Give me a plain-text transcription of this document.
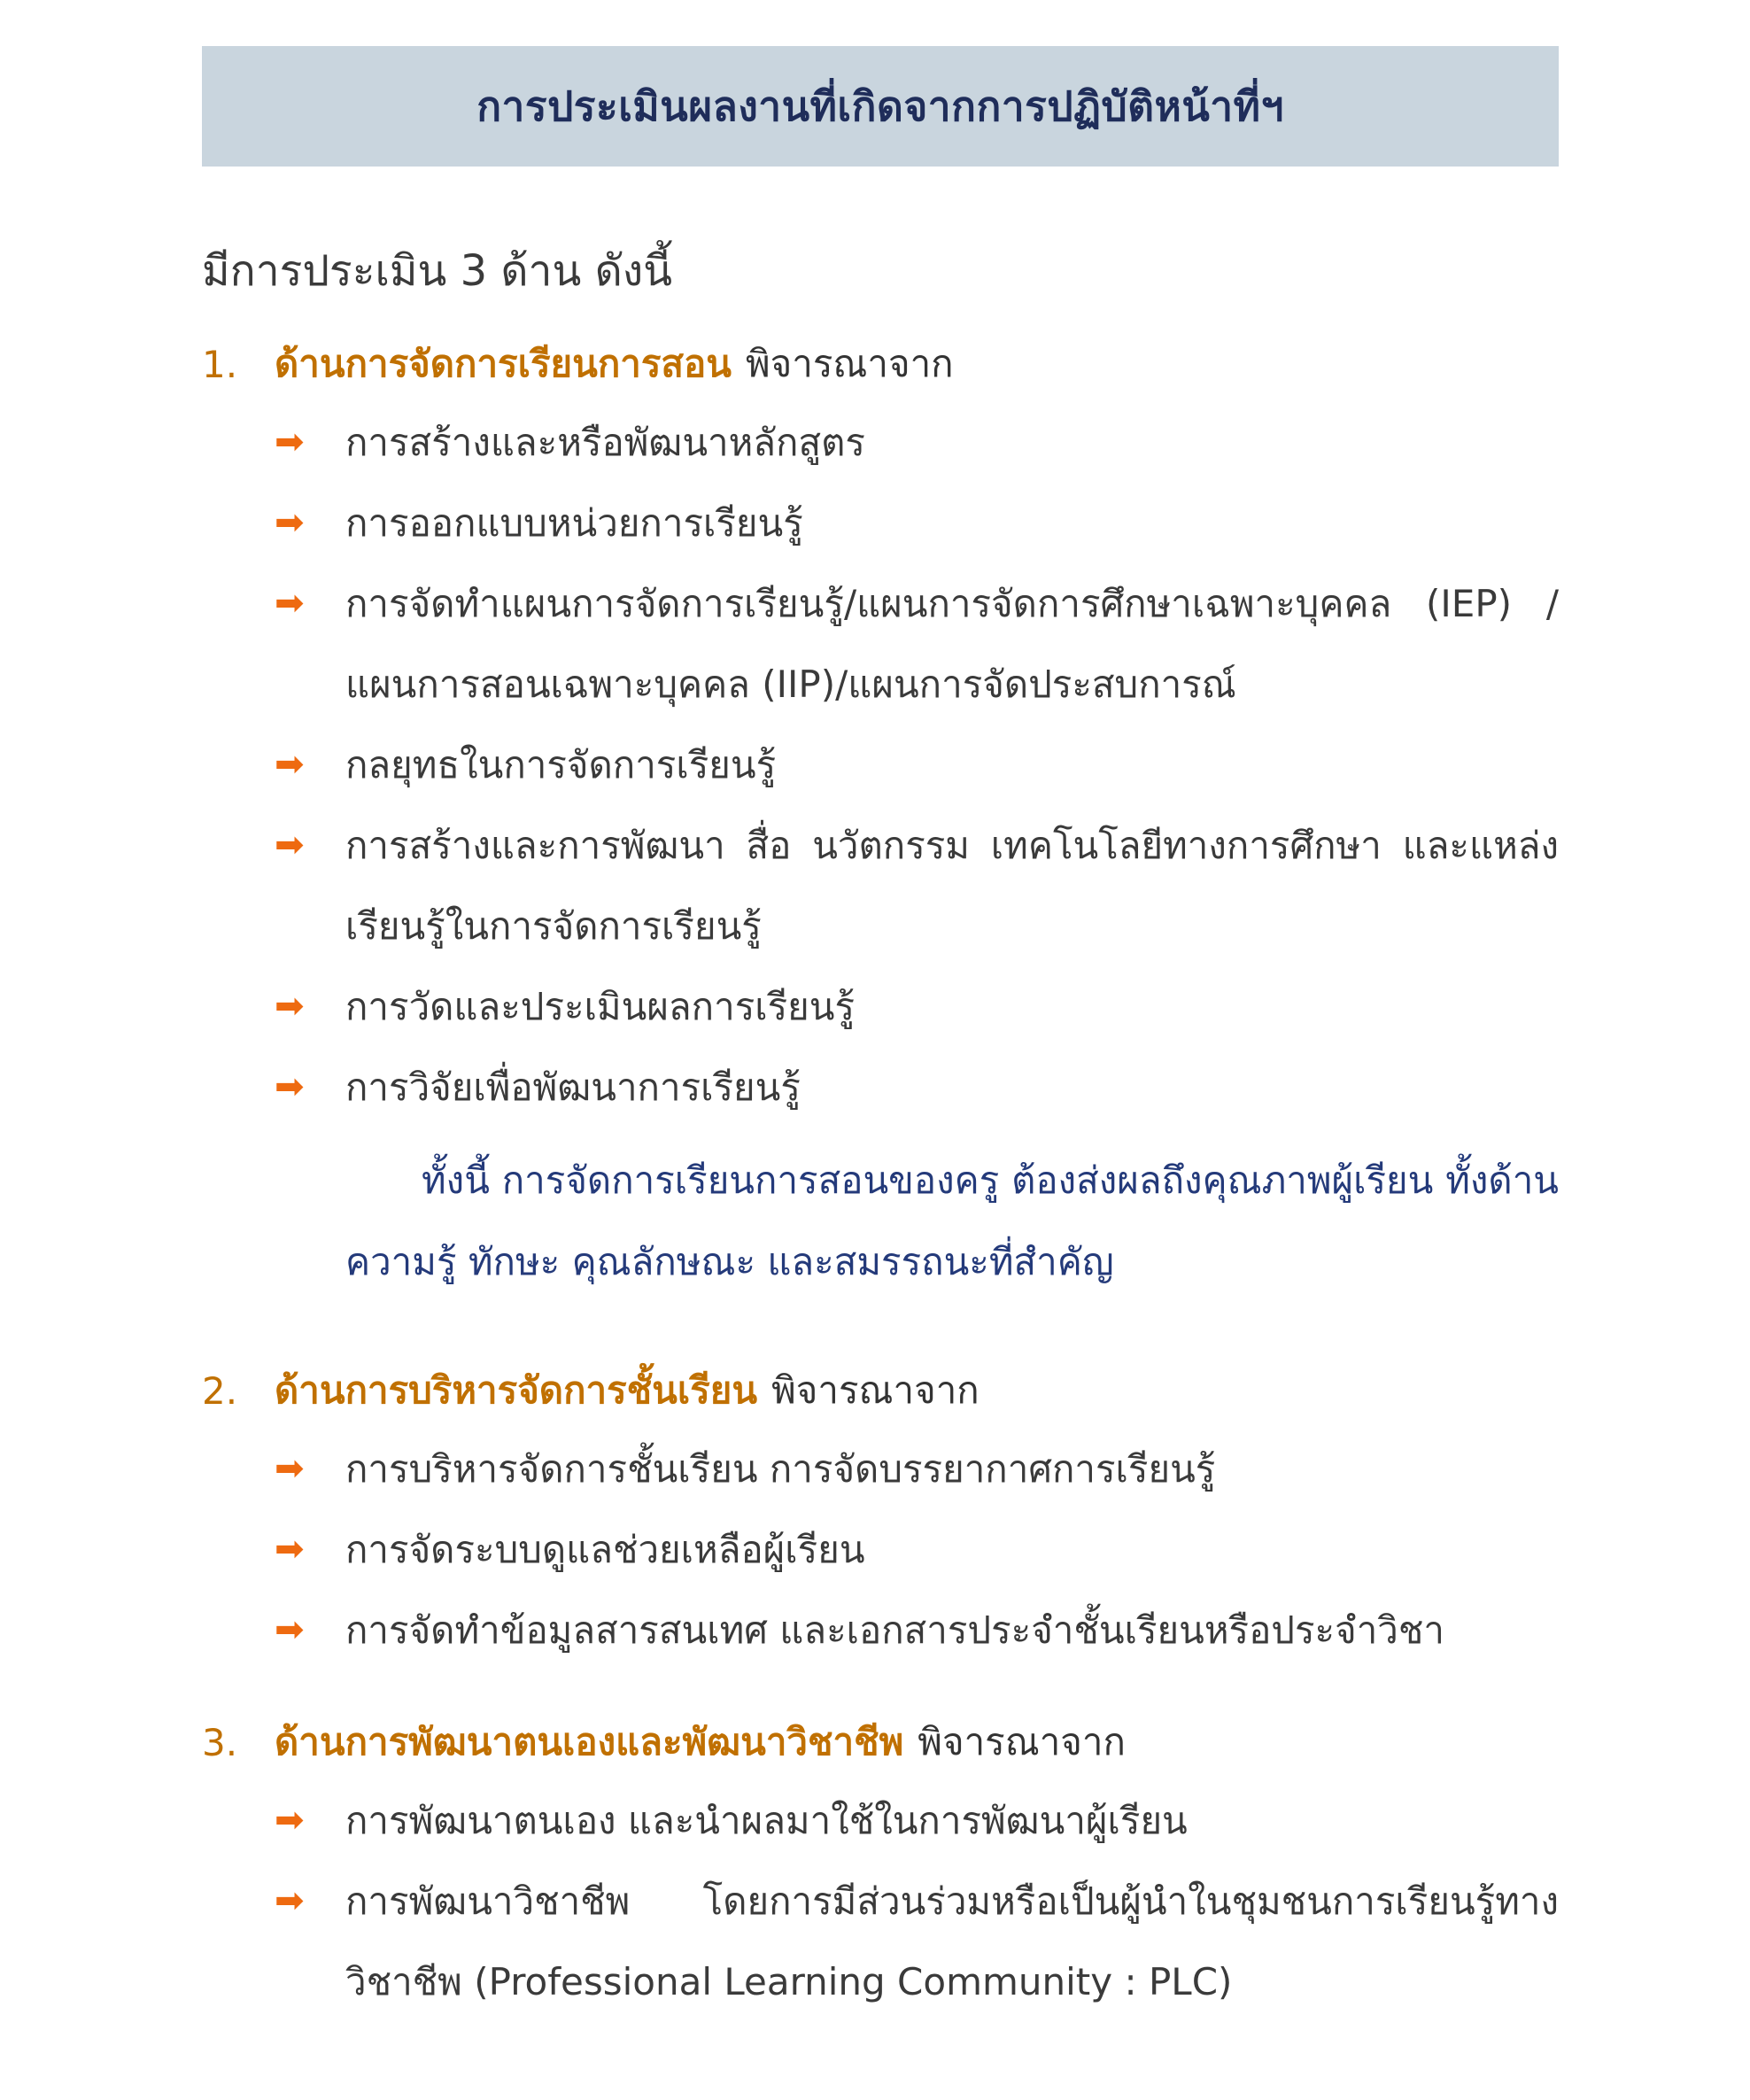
การประเมินผลงานที่เกิดจากการปฏิบัติหน้าที่ฯ
มีการประเมิน 3 ด้าน ดังนี้
1. ด้านการจัดการเรียนการสอน พิจารณาจาก
➡	การสร้างและหรือพัฒนาหลักสูตร
➡	การออกแบบหน่วยการเรียนรู้
➡	การจัดทำแผนการจัดการเรียนรู้/แผนการจัดการศึกษาเฉพาะบุคคล (IEP) /แผนการสอนเฉพาะบุคคล (IIP)/แผนการจัดประสบการณ์
➡	กลยุทธในการจัดการเรียนรู้
➡	การสร้างและการพัฒนา สื่อ นวัตกรรม เทคโนโลยีทางการศึกษา และแหล่งเรียนรู้ในการจัดการเรียนรู้
➡	การวัดและประเมินผลการเรียนรู้
➡	การวิจัยเพื่อพัฒนาการเรียนรู้
ทั้งนี้ การจัดการเรียนการสอนของครู ต้องส่งผลถึงคุณภาพผู้เรียน ทั้งด้านความรู้ ทักษะ คุณลักษณะ และสมรรถนะที่สำคัญ
2. ด้านการบริหารจัดการชั้นเรียน พิจารณาจาก
➡	การบริหารจัดการชั้นเรียน การจัดบรรยากาศการเรียนรู้
➡	การจัดระบบดูแลช่วยเหลือผู้เรียน
➡	การจัดทำข้อมูลสารสนเทศ และเอกสารประจำชั้นเรียนหรือประจำวิชา
3. ด้านการพัฒนาตนเองและพัฒนาวิชาชีพ พิจารณาจาก
➡	การพัฒนาตนเอง และนำผลมาใช้ในการพัฒนาผู้เรียน
➡	การพัฒนาวิชาชีพ โดยการมีส่วนร่วมหรือเป็นผู้นำในชุมชนการเรียนรู้ทางวิชาชีพ (Professional Learning Community : PLC)
